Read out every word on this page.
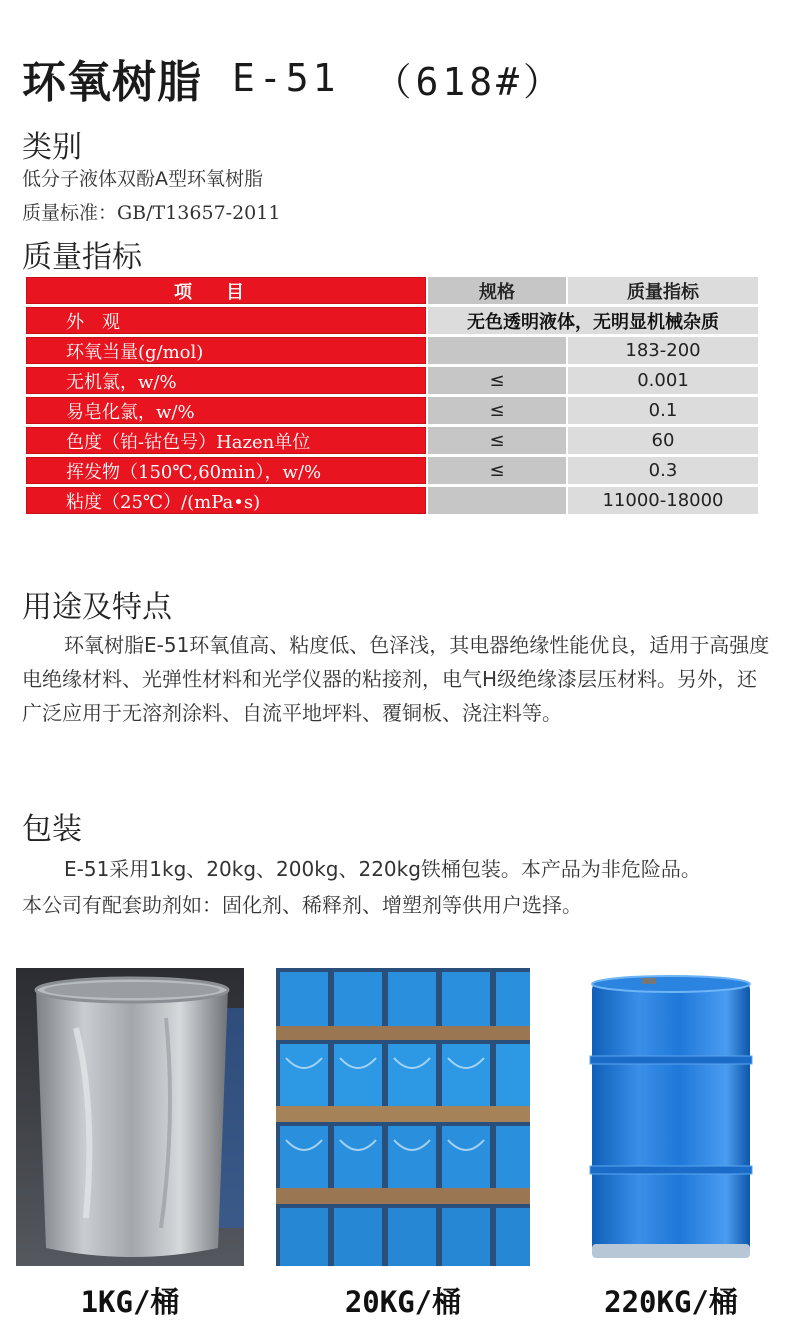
环氧树脂 E-51 （618#）
类别
低分子液体双酚A型环氧树脂
质量标准：GB/T13657-2011
质量指标
项目	规格	质量指标
外　观	无色透明液体，无明显机械杂质	
环氧当量(g/mol)		183-200
无机氯，w/%	≤	0.001
易皂化氯，w/%	≤	0.1
色度（铂-钴色号）Hazen单位	≤	60
挥发物（150℃,60min），w/%	≤	0.3
粘度（25℃）/(mPa•s)		11000-18000
用途及特点
环氧树脂E-51环氧值高、粘度低、色泽浅，其电器绝缘性能优良，适用于高强度电绝缘材料、光弹性材料和光学仪器的粘接剂，电气H级绝缘漆层压材料。另外，还广泛应用于无溶剂涂料、自流平地坪料、覆铜板、浇注料等。
包装
E-51采用1kg、20kg、200kg、220kg铁桶包装。本产品为非危险品。
本公司有配套助剂如：固化剂、稀释剂、增塑剂等供用户选择。
1KG/桶	20KG/桶	220KG/桶
